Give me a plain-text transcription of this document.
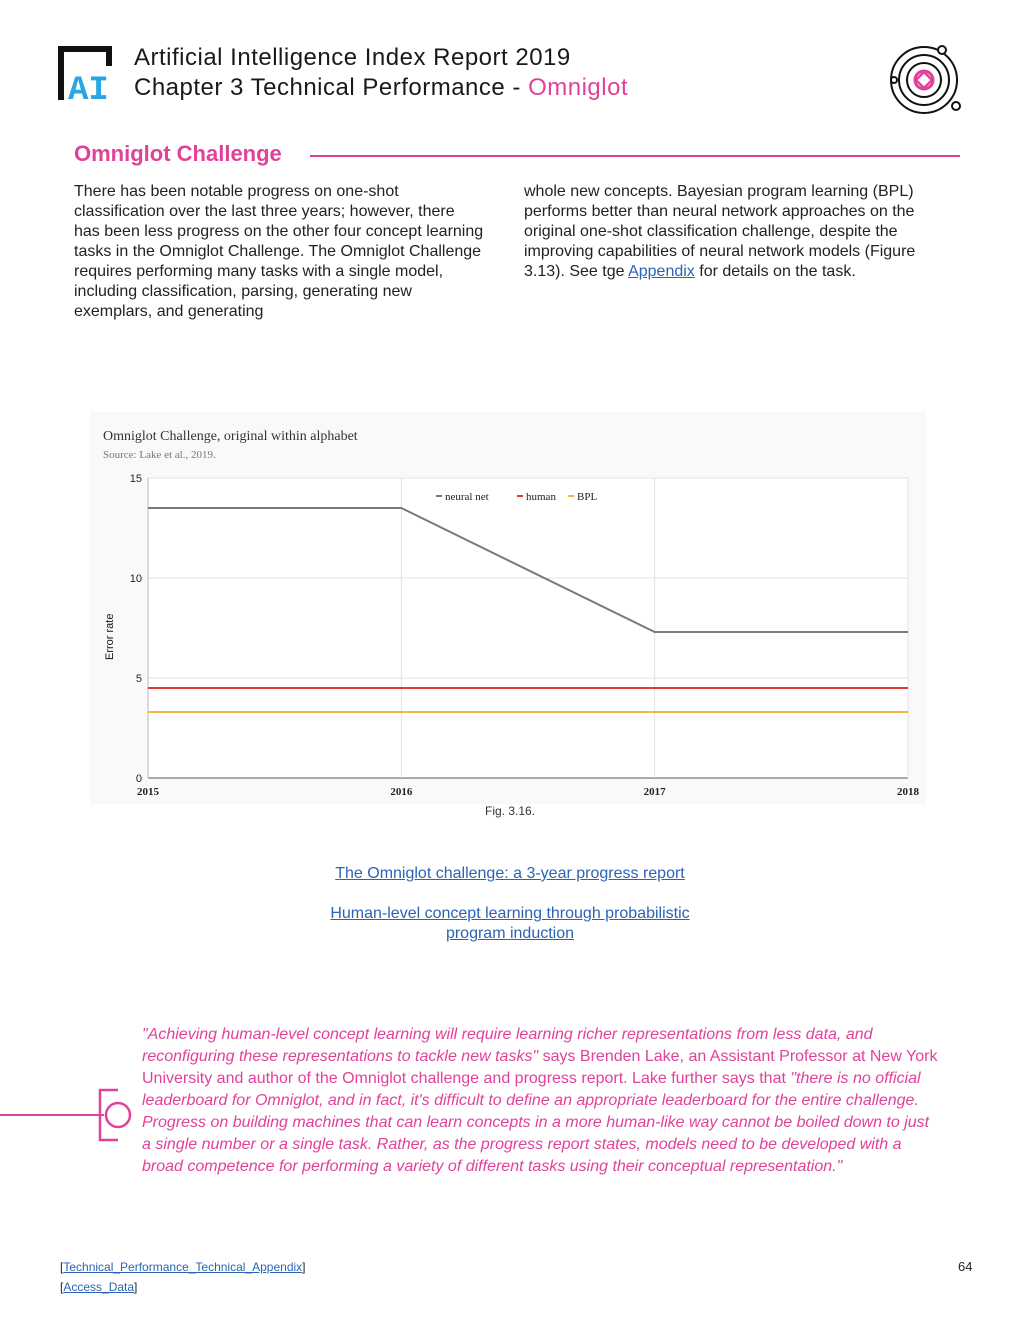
AI
Artificial Intelligence Index Report 2019
Chapter 3 Technical Performance - Omniglot
Omniglot Challenge
There has been notable progress on one-shot classification over the last three years; however, there has been less progress on the other four concept learning tasks in the Omniglot Challenge. The Omniglot Challenge requires performing many tasks with a single model, including classification, parsing, generating new exemplars, and generating
whole new concepts. Bayesian program learning (BPL) performs better than neural network approaches on the original one-shot classification challenge, despite the improving capabilities of neural network models (Figure 3.13). See tge Appendix for details on the task.
Omniglot Challenge, original within alphabet
Source: Lake et al., 2019.
Error rate
0
5
10
15
2015	2016	2017	2018
neural net	human BPL
Fig. 3.16.
The Omniglot challenge: a 3-year progress report
Human-level concept learning through probabilistic program induction
"Achieving human-level concept learning will require learning richer representations from less data, and reconfiguring these representations to tackle new tasks" says Brenden Lake, an Assistant Professor at New York University and author of the Omniglot challenge and progress report. Lake further says that "there is no official leaderboard for Omniglot, and in fact, it's difficult to define an appropriate leaderboard for the entire challenge. Progress on building machines that can learn concepts in a more human-like way cannot be boiled down to just a single number or a single task. Rather, as the progress report states, models need to be developed with a broad competence for performing a variety of different tasks using their conceptual representation."
[Technical_Performance_Technical_Appendix]
[Access_Data]
64
